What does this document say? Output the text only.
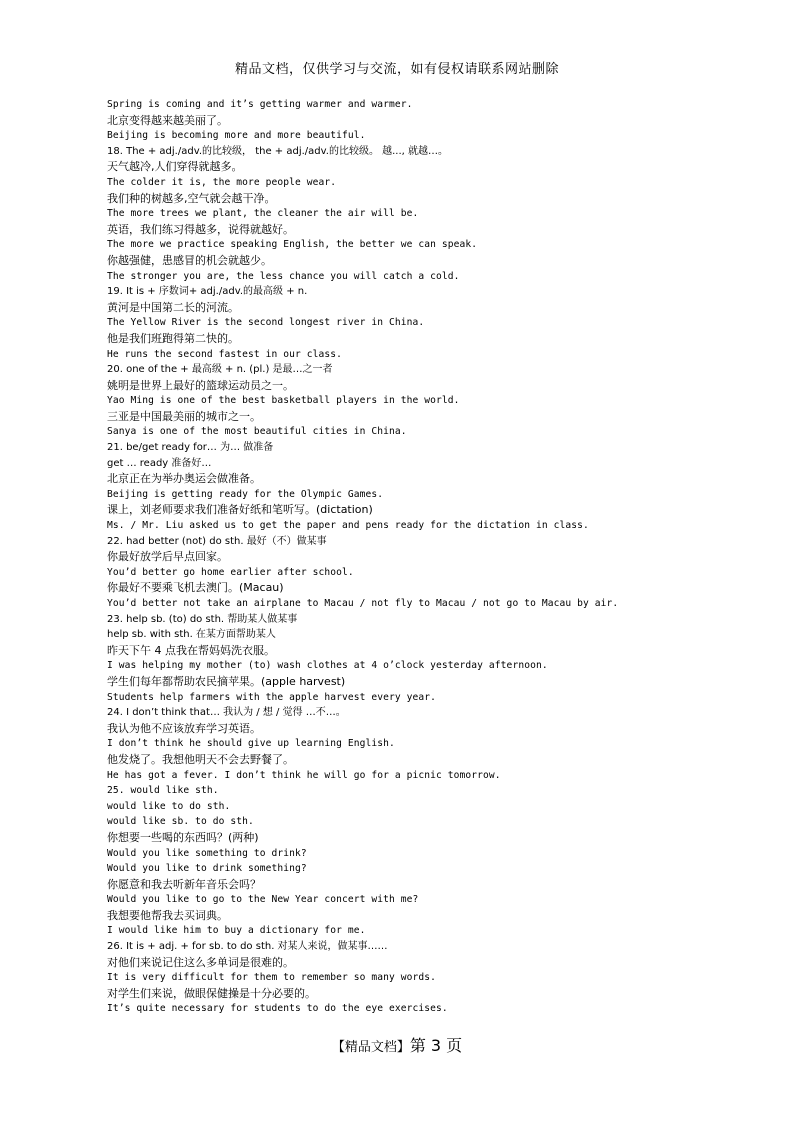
精品文档，仅供学习与交流，如有侵权请联系网站删除
Spring is coming and it’s getting warmer and warmer.
北京变得越来越美丽了。
Beijing is becoming more and more beautiful.
18. The + adj./adv.的比较级， the + adj./adv.的比较级。 越..., 就越…。
天气越冷,人们穿得就越多。
The colder it is, the more people wear.
我们种的树越多,空气就会越干净。
The more trees we plant, the cleaner the air will be.
英语，我们练习得越多，说得就越好。
The more we practice speaking English, the better we can speak.
你越强健，患感冒的机会就越少。
The stronger you are, the less chance you will catch a cold.
19. It is + 序数词+ adj./adv.的最高级 + n.
黄河是中国第二长的河流。
The Yellow River is the second longest river in China.
他是我们班跑得第二快的。
He runs the second fastest in our class.
20. one of the + 最高级 + n. (pl.) 是最…之一者
姚明是世界上最好的篮球运动员之一。
Yao Ming is one of the best basketball players in the world.
三亚是中国最美丽的城市之一。
Sanya is one of the most beautiful cities in China.
21. be/get ready for… 为… 做准备
get … ready 准备好…
北京正在为举办奥运会做准备。
Beijing is getting ready for the Olympic Games.
课上，刘老师要求我们准备好纸和笔听写。(dictation)
Ms. / Mr. Liu asked us to get the paper and pens ready for the dictation in class.
22. had better (not) do sth. 最好（不）做某事
你最好放学后早点回家。
You’d better go home earlier after school.
你最好不要乘飞机去澳门。(Macau)
You’d better not take an airplane to Macau / not fly to Macau / not go to Macau by air.
23. help sb. (to) do sth. 帮助某人做某事
help sb. with sth. 在某方面帮助某人
昨天下午 4 点我在帮妈妈洗衣服。
I was helping my mother (to) wash clothes at 4 o’clock yesterday afternoon.
学生们每年都帮助农民摘苹果。(apple harvest)
Students help farmers with the apple harvest every year.
24. I don’t think that… 我认为 / 想 / 觉得 …不…。
我认为他不应该放弃学习英语。
I don’t think he should give up learning English.
他发烧了。我想他明天不会去野餐了。
He has got a fever. I don’t think he will go for a picnic tomorrow.
25. would like sth.
would like to do sth.
would like sb. to do sth.
你想要一些喝的东西吗？(两种)
Would you like something to drink?
Would you like to drink something?
你愿意和我去听新年音乐会吗？
Would you like to go to the New Year concert with me?
我想要他帮我去买词典。
I would like him to buy a dictionary for me.
26. It is + adj. + for sb. to do sth. 对某人来说，做某事……
对他们来说记住这么多单词是很难的。
It is very difficult for them to remember so many words.
对学生们来说，做眼保健操是十分必要的。
It’s quite necessary for students to do the eye exercises.
【精品文档】第 3 页
